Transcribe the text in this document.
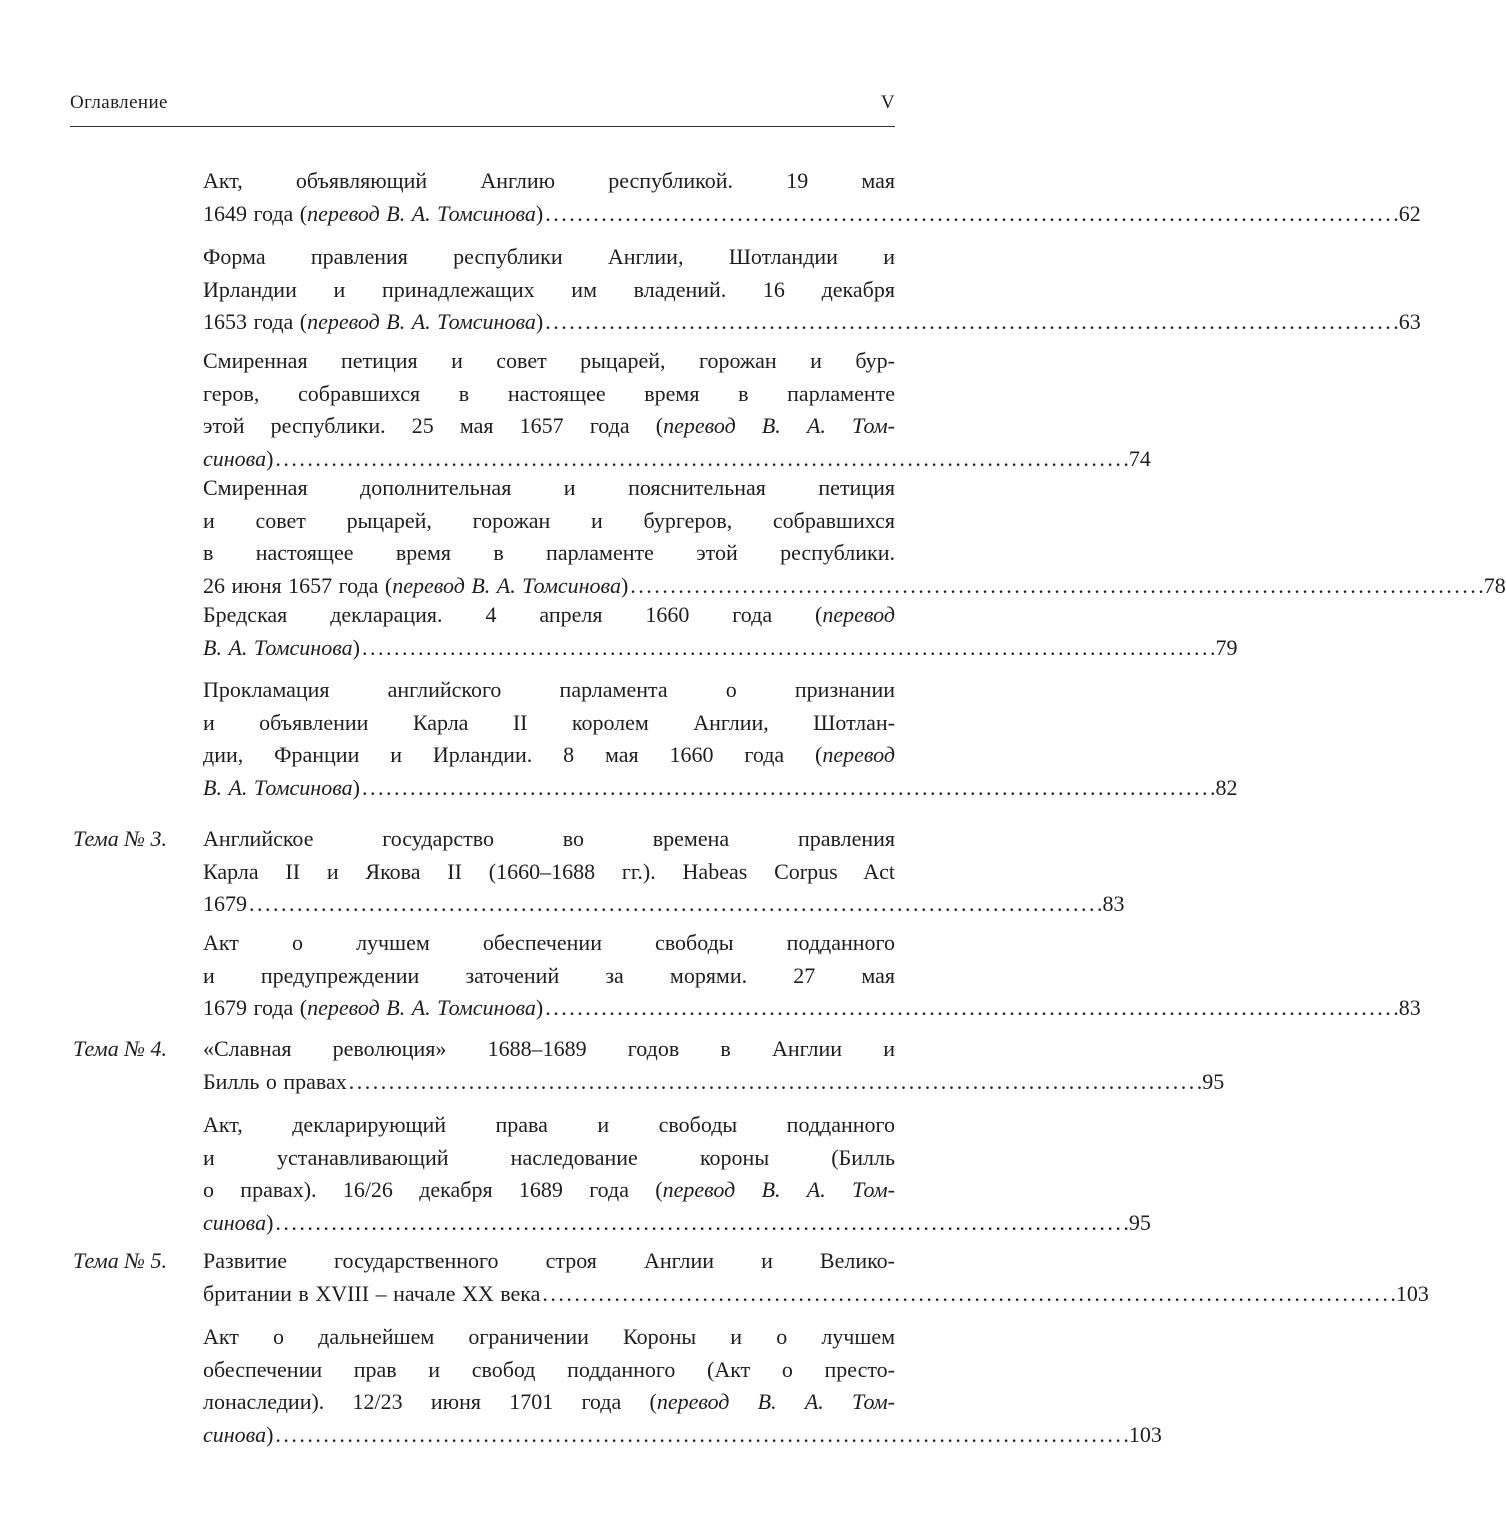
Оглавление	V
Акт, объявляющий Англию республикой. 19 мая
1649 года (перевод В. А. Томсинова) . . .	62
Форма правления республики Англии, Шотландии и
Ирландии и принадлежащих им владений. 16 декабря
1653 года (перевод В. А. Томсинова) . . .	63
Смиренная петиция и совет рыцарей, горожан и бур-
геров, собравшихся в настоящее время в парламенте
этой республики. 25 мая 1657 года (перевод В. А. Том-
синова) . . .	74
Смиренная дополнительная и пояснительная петиция
и совет рыцарей, горожан и бургеров, собравшихся
в настоящее время в парламенте этой республики.
26 июня 1657 года (перевод В. А. Томсинова) . . .	78
Бредская декларация. 4 апреля 1660 года (перевод
В. А. Томсинова) . . .	79
Прокламация английского парламента о признании
и объявлении Карла II королем Англии, Шотлан-
дии, Франции и Ирландии. 8 мая 1660 года (перевод
В. А. Томсинова) . . .	82
Тема № 3. Английское государство во времена правления
Карла II и Якова II (1660–1688 гг.). Habeas Corpus Act
1679 . . .	83
Акт о лучшем обеспечении свободы подданного
и предупреждении заточений за морями. 27 мая
1679 года (перевод В. А. Томсинова) . . .	83
Тема № 4. «Славная революция» 1688–1689 годов в Англии и
Билль о правах . . .	95
Акт, декларирующий права и свободы подданного
и устанавливающий наследование короны (Билль
о правах). 16/26 декабря 1689 года (перевод В. А. Том-
синова) . . .	95
Тема № 5. Развитие государственного строя Англии и Велико-
британии в XVIII – начале XX века . . .	103
Акт о дальнейшем ограничении Короны и о лучшем
обеспечении прав и свобод подданного (Акт о престо-
лонаследии). 12/23 июня 1701 года (перевод В. А. Том-
синова) . . .	103
